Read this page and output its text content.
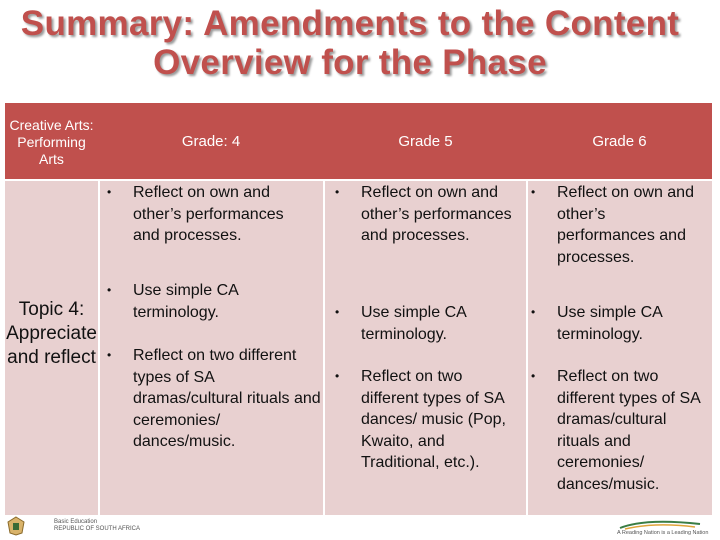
Summary: Amendments to the Content Overview for the Phase
Creative Arts: Performing Arts
Grade: 4	Grade 5	Grade 6
Topic 4: Appreciate and reflect
• Reflect on own and other’s performances and processes.
• Use simple CA terminology.
• Reflect on two different types of SA dramas/cultural rituals and ceremonies/ dances/music.
• Reflect on own and other’s performances and processes.
• Use simple CA terminology.
• Reflect on two different types of SA dances/ music (Pop, Kwaito, and Traditional, etc.).
• Reflect on own and other’s performances and processes.
• Use simple CA terminology.
• Reflect on two different types of SA dramas/cultural rituals and ceremonies/ dances/music.
Basic Education
REPUBLIC OF SOUTH AFRICA
A Reading Nation is a Leading Nation
